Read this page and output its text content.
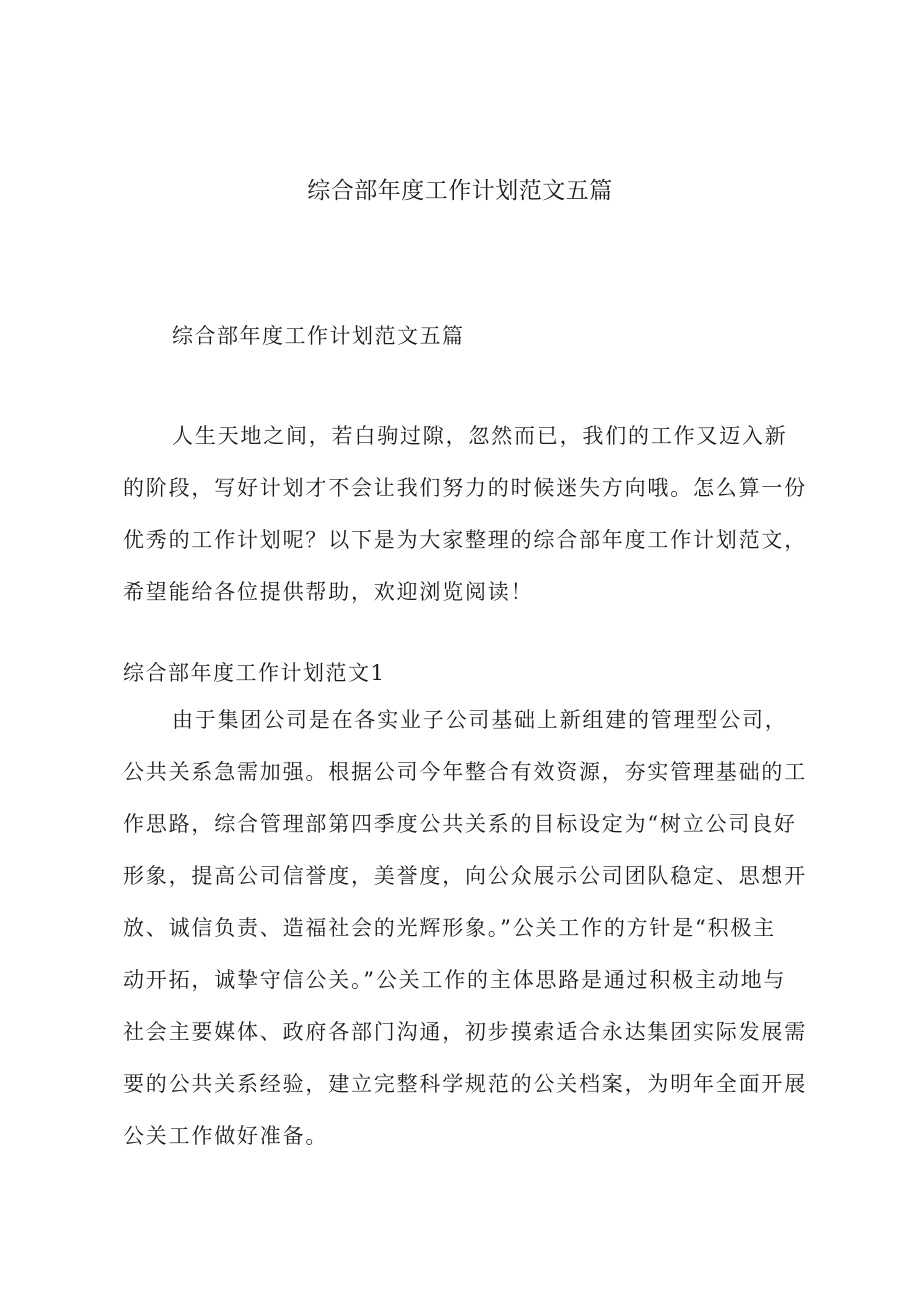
综合部年度工作计划范文五篇

综合部年度工作计划范文五篇

人生天地之间，若白驹过隙，忽然而已，我们的工作又迈入新
的阶段，写好计划才不会让我们努力的时候迷失方向哦。怎么算一份
优秀的工作计划呢？以下是为大家整理的综合部年度工作计划范文，
希望能给各位提供帮助，欢迎浏览阅读！
综合部年度工作计划范文1
由于集团公司是在各实业子公司基础上新组建的管理型公司，
公共关系急需加强。根据公司今年整合有效资源，夯实管理基础的工
作思路，综合管理部第四季度公共关系的目标设定为“树立公司良好
形象，提高公司信誉度，美誉度，向公众展示公司团队稳定、思想开
放、诚信负责、造福社会的光辉形象。”公关工作的方针是“积极主
动开拓，诚挚守信公关。”公关工作的主体思路是通过积极主动地与
社会主要媒体、政府各部门沟通，初步摸索适合永达集团实际发展需
要的公共关系经验，建立完整科学规范的公关档案，为明年全面开展
公关工作做好准备。
